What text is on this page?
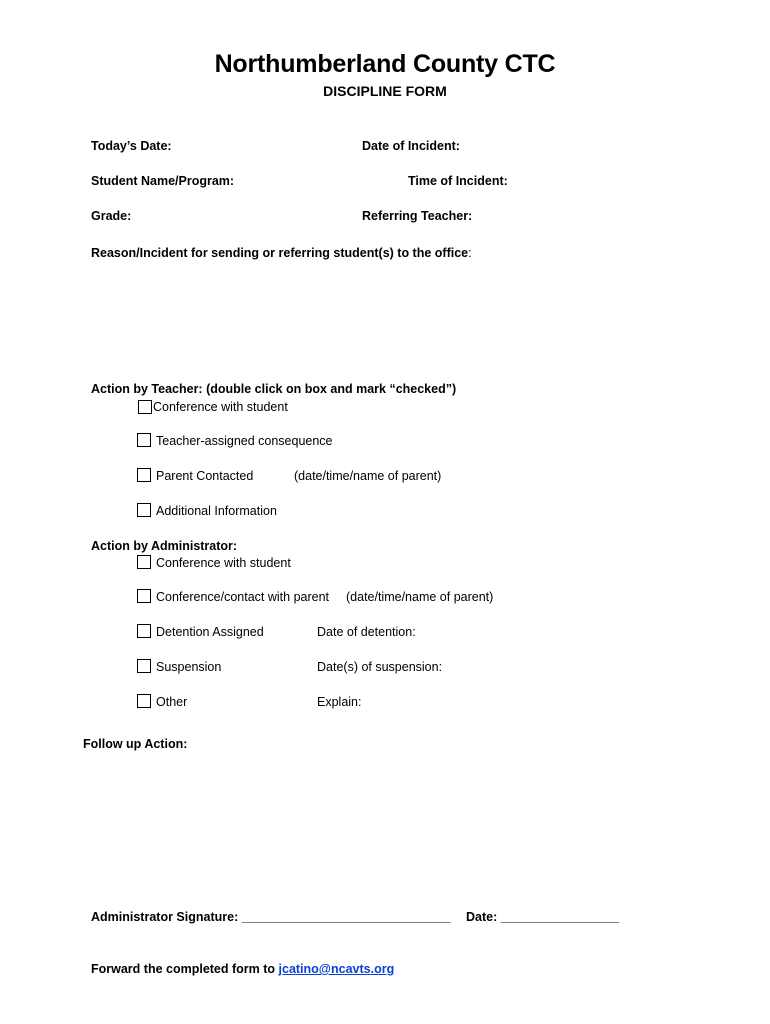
Northumberland County CTC
DISCIPLINE FORM
Today’s Date:	Date of Incident:
Student Name/Program:	Time of Incident:
Grade:	Referring Teacher:
Reason/Incident for sending or referring student(s) to the office:
Action by Teacher: (double click on box and mark “checked”)
Conference with student
Teacher-assigned consequence
Parent Contacted	(date/time/name of parent)
Additional Information
Action by Administrator:
Conference with student
Conference/contact with parent (date/time/name of parent)
Detention Assigned	Date of detention:
Suspension	Date(s) of suspension:
Other	Explain:
Follow up Action:
Administrator Signature: ______________________________ Date: _________________
Forward the completed form to jcatino@ncavts.org
